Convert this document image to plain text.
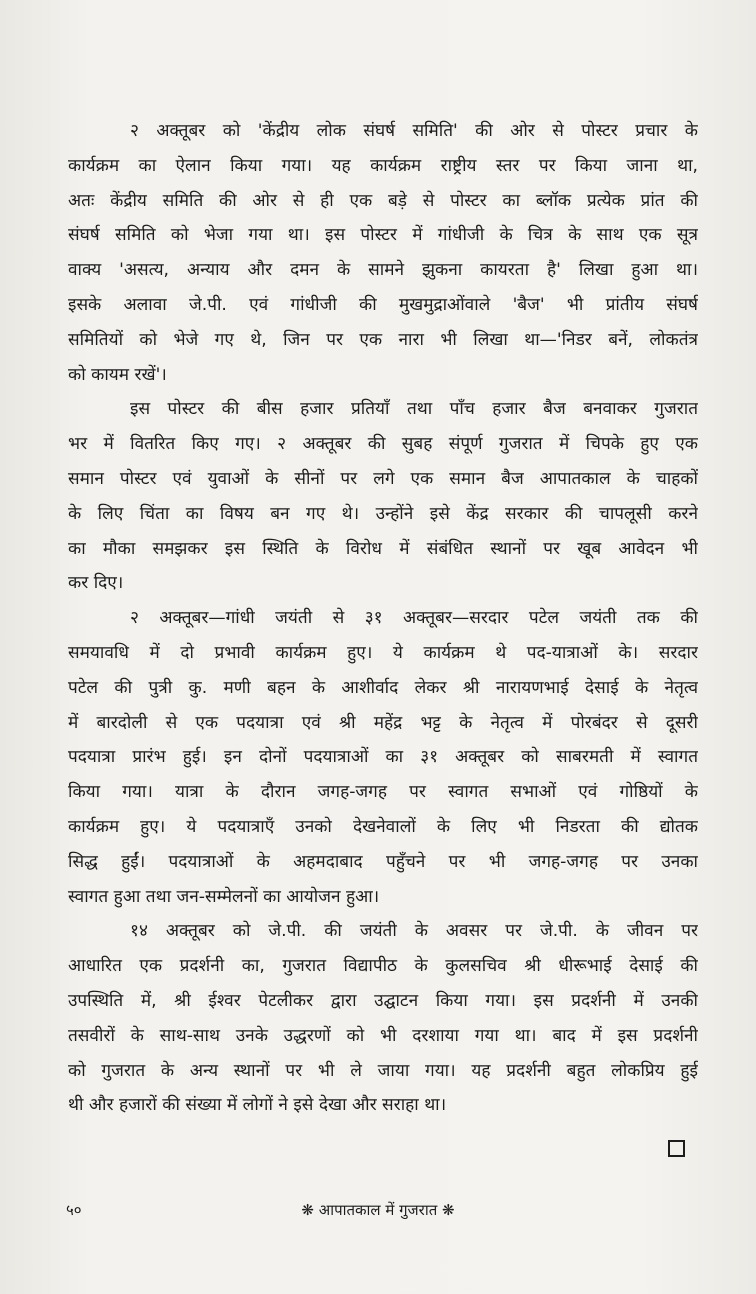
२ अक्तूबर को 'केंद्रीय लोक संघर्ष समिति' की ओर से पोस्टर प्रचार के
कार्यक्रम का ऐलान किया गया। यह कार्यक्रम राष्ट्रीय स्तर पर किया जाना था,
अतः केंद्रीय समिति की ओर से ही एक बड़े से पोस्टर का ब्लॉक प्रत्येक प्रांत की
संघर्ष समिति को भेजा गया था। इस पोस्टर में गांधीजी के चित्र के साथ एक सूत्र
वाक्य 'असत्य, अन्याय और दमन के सामने झुकना कायरता है' लिखा हुआ था।
इसके अलावा जे.पी. एवं गांधीजी की मुखमुद्राओंवाले 'बैज' भी प्रांतीय संघर्ष
समितियों को भेजे गए थे, जिन पर एक नारा भी लिखा था—'निडर बनें, लोकतंत्र
को कायम रखें'।
इस पोस्टर की बीस हजार प्रतियाँ तथा पाँच हजार बैज बनवाकर गुजरात
भर में वितरित किए गए। २ अक्तूबर की सुबह संपूर्ण गुजरात में चिपके हुए एक
समान पोस्टर एवं युवाओं के सीनों पर लगे एक समान बैज आपातकाल के चाहकों
के लिए चिंता का विषय बन गए थे। उन्होंने इसे केंद्र सरकार की चापलूसी करने
का मौका समझकर इस स्थिति के विरोध में संबंधित स्थानों पर खूब आवेदन भी
कर दिए।
२ अक्तूबर—गांधी जयंती से ३१ अक्तूबर—सरदार पटेल जयंती तक की
समयावधि में दो प्रभावी कार्यक्रम हुए। ये कार्यक्रम थे पद-यात्राओं के। सरदार
पटेल की पुत्री कु. मणी बहन के आशीर्वाद लेकर श्री नारायणभाई देसाई के नेतृत्व
में बारदोली से एक पदयात्रा एवं श्री महेंद्र भट्ट के नेतृत्व में पोरबंदर से दूसरी
पदयात्रा प्रारंभ हुई। इन दोनों पदयात्राओं का ३१ अक्तूबर को साबरमती में स्वागत
किया गया। यात्रा के दौरान जगह-जगह पर स्वागत सभाओं एवं गोष्ठियों के
कार्यक्रम हुए। ये पदयात्राएँ उनको देखनेवालों के लिए भी निडरता की द्योतक
सिद्ध हुईं। पदयात्राओं के अहमदाबाद पहुँचने पर भी जगह-जगह पर उनका
स्वागत हुआ तथा जन-सम्मेलनों का आयोजन हुआ।
१४ अक्तूबर को जे.पी. की जयंती के अवसर पर जे.पी. के जीवन पर
आधारित एक प्रदर्शनी का, गुजरात विद्यापीठ के कुलसचिव श्री धीरूभाई देसाई की
उपस्थिति में, श्री ईश्वर पेटलीकर द्वारा उद्घाटन किया गया। इस प्रदर्शनी में उनकी
तसवीरों के साथ-साथ उनके उद्धरणों को भी दरशाया गया था। बाद में इस प्रदर्शनी
को गुजरात के अन्य स्थानों पर भी ले जाया गया। यह प्रदर्शनी बहुत लोकप्रिय हुई
थी और हजारों की संख्या में लोगों ने इसे देखा और सराहा था।
५०	❋ आपातकाल में गुजरात ❋
